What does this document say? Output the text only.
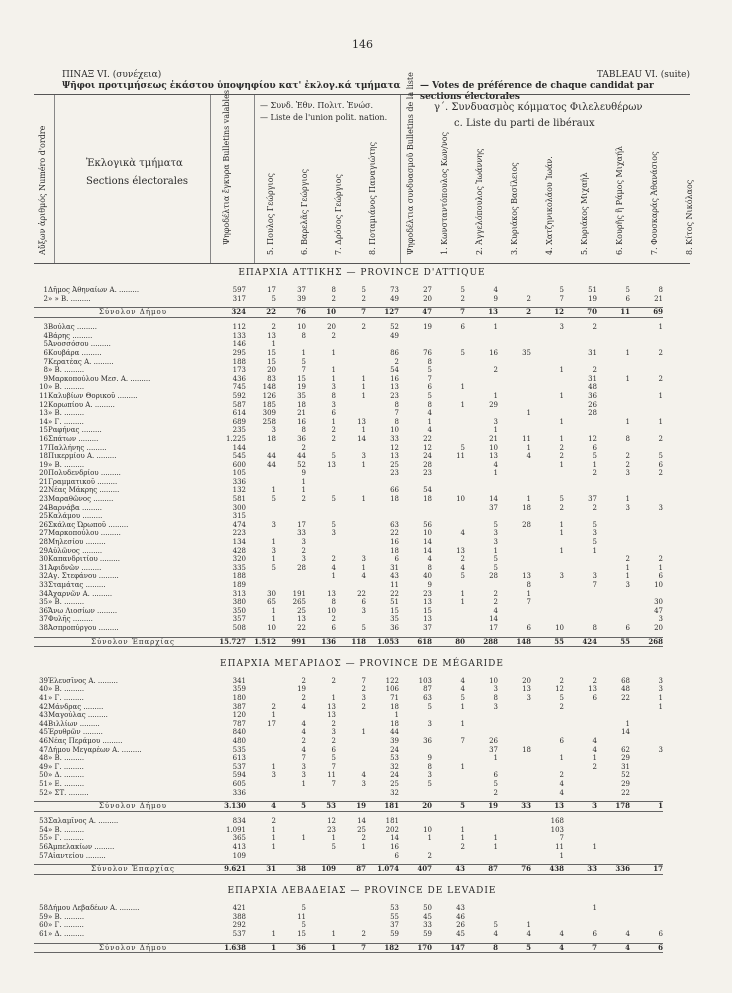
146
ΠΙΝΑΞ VI. (συνέχεια)
Ψῆφοι προτιμήσεως ἑκάστου ὑποψηφίου κατ' ἐκλογ.κά τμήματα
TABLEAU VI. (suite)
— Votes de préférence de chaque candidat par sections électorales
Αὔξων ἀριθμός Numéro d'ordre	Ἐκλογικὰ τμήματα
Sections électorales	Ψηφοδέλτια ἔγκυρα Bulletins valables	— Συνδ. Ἐθν. Πολιτ. Ἑνώσ.
— Liste de l'union polit. nation.
γ΄. Συνδυασμὸς κόμματος Φιλελευθέρων
c. Liste du parti de libéraux
5. Πουλος Γεώργιος	6. Βαρελᾶς Γεώργιος	7. Δρόσος Γεώργιος	8. Ποταμιάνος Παναγιώτης	Ψηφοδέλτια συνδυασμοῦ Bulletins de la liste	1. Κωνσταντόπουλος Κων/νος	2. Ἀγγελόπουλος Ἰωάννης	3. Κυριάκος Βασίλειος	4. Χατζηνικολάου Ἰωάν.	5. Κυριάκος Μιχαήλ	6. Κουρῆς ἢ Ράμος Μιχαήλ	7. Φουσκαράς Ἀθανάσιος	8. Κίτος Νικόλαος
ΕΠΑΡΧΙΑ ΑΤΤΙΚΗΣ — PROVINCE D'ATTIQUE
1	Δῆμος Ἀθηναίων Α. .........	597	17	37	8	5	73	27	5	4		5	51	5	8
2	» » Β. .........	317	5	39	2	2	49	20	2	9	2	7	19	6	21
	Σύνολον Δήμου	324	22	76	10	7	127	47	7	13	2	12	70	11	69
3	Βούλας .........	112	2	10	20	2	52	19	6	1		3	2		1	
4	Βάρης .........	133	13	8	2		49									
5	Ἀνοσσόσου .........	146	1													
6	Κουβάρα .........	295	15	1	1		86	76	5	16	35		31	1	2	
7	Κερατέας Α. .........	188	15	5			2	8								
8	» Β. .........	173	20	7	1		54	5		2		1	2			
9	Μαρκοπούλου Μεσ. Α. .........	436	83	15	1	1	16	7					31	1	2	
10	» Β. .........	745	148	19	3	1	13	6	1				48			
11	Καλυβίων Θορικοῦ .........	592	126	35	8	1	23	5		1		1	36		1	
12	Κορωπίου Α. .........	587	185	18	3		8	8	1	29			26			
13	» Β. .........	614	309	21	6		7	4			1		28			
14	» Γ. .........	689	258	16	1	13	8	1		3		1		1	1	
15	Ραφήνας .........	235	3	8	2	1	10	4		1						
16	Σπάτων .........	1.225	18	36	2	14	33	22		21	11	1	12	8	2	
17	Παλλήνης .........	144		2			12	12	5	10	1	2	6			
18	Πικερμίου Α. .........	545	44	44	5	3	13	24	11	13	4	2	5	2	5	
19	» Β. .........	600	44	52	13	1	25	28		4		1	1	2	6	
20	Πολυδενδρίου .........	105		9			23	23		1			2	3	2	
21	Γραμματικοῦ .........	336		1												
22	Νέας Μάκρης .........	132	1	1			66	54								
23	Μαραθῶνος .........	581	5	2	5	1	18	18	10	14	1	5	37	1		
24	Βαρνάβα .........	300								37	18	2	2	3	3	
25	Καλάμου .........	315														
26	Σκάλας Ὠρωποῦ .........	474	3	17	5		63	56		5	28	1	5			
27	Μαρκοπούλου .........	223		33	3		22	10	4	3		1	3			
28	Μηλεσίου .........	134	1	3			16	14		3			5			
29	Αὐλῶνος .........	428	3	2			18	14	13	1		1	1			
30	Καπανδριτίου .........	320	1	3	2	3	6	4	2	5				2	2	
31	Ἀφιδνῶν .........	335	5	28	4	1	31	8	4	5				1	1	
32	Αγ. Στεφάνου .........	188			1	4	43	40	5	28	13	3	3	1	6	
33	Σταμάτας .........	189					11	9			8		7	3	10	
34	Ἀχαρνῶν Α. .........	313	30	191	13	22	22	23	1	2	1					
35	» Β. .........	380	65	265	8	6	51	13	1	2	7				30	
36	Ἄνω Λιοσίων .........	350	1	25	10	3	15	15		4					47	
37	Φυλῆς .........	357	1	13	2		35	13		14					3	
38	Ἀσπροπύργου .........	508	10	22	6	5	36	37		17	6	10	8	6	20	
	Σύνολον Ἐπαρχίας	15.727	1.512	991	136	118	1.053	618	80	288	148	55	424	55	268
ΕΠΑΡΧΙΑ ΜΕΓΑΡΙΔΟΣ — PROVINCE DE MÉGARIDE
39	Ἐλευσῖνος Α. .........	341		2	2	7	122	103	4	10	20	2	2	68	3
40	» Β. .........	359		19		2	106	87	4	3	13	12	13	48	3
41	» Γ. .........	180		2	1	3	71	63	5	8	3	5	6	22	1
42	Μάνδρας .........	387	2	4	13	2	18	5	1	3		2			1
43	Μαγούλας .........	120	1		13		1								
44	Βιλλίων .........	787	17	4	2		18	3	1					1	
45	Ἐρυθρῶν .........	840		4	3	1	44							14	
46	Νέας Περάμου .........	480		2	2		39	36	7	26		6	4		
47	Δήμου Μεγαρέων Α. .........	535		4	6		24			37	18		4	62	3
48	» Β. .........	613		7	5		53	9		1		1	1	29	
49	» Γ. .........	537	1	3	7		32	8	1				2	31	
50	» Δ. .........	594	3	3	11	4	24	3		6		2		52	
51	» Ε. .........	605		1	7	3	25	5		5		4		29	
52	» ΣΤ. .........	336					32			2		4		22	
	Σύνολον Δήμου	3.130	4	5	53	19	181	20	5	19	33	13	3	178	1
53	Σαλαμῖνος Α. .........	834	2		12	14	181					168			
54	» Β. .........	1.091	1		23	25	202	10	1			103			
55	» Γ. .........	365	1	1	1	2	14	1	1	1		7			
56	Ἀμπελακίων .........	413	1		5	1	16		2	1		11	1		
57	Αἰαντείου .........	109					6	2				1			
	Σύνολον Ἐπαρχίας	9.621	31	38	109	87	1.074	407	43	87	76	438	33	336	17
ΕΠΑΡΧΙΑ ΛΕΒΑΔΕΙΑΣ — PROVINCE DE LEVADIE
58	Δήμου Λεβαδέων Α. .........	421		5			53	50	43				1		
59	» Β. .........	388		11			55	45	46						
60	» Γ. .........	292		5			37	33	26	5	1				
61	» Δ. .........	537	1	15	1	2	59	59	45	4	4	4	6	4	6
	Σύνολον Δήμου	1.638	1	36	1	7	182	170	147	8	5	4	7	4	6
